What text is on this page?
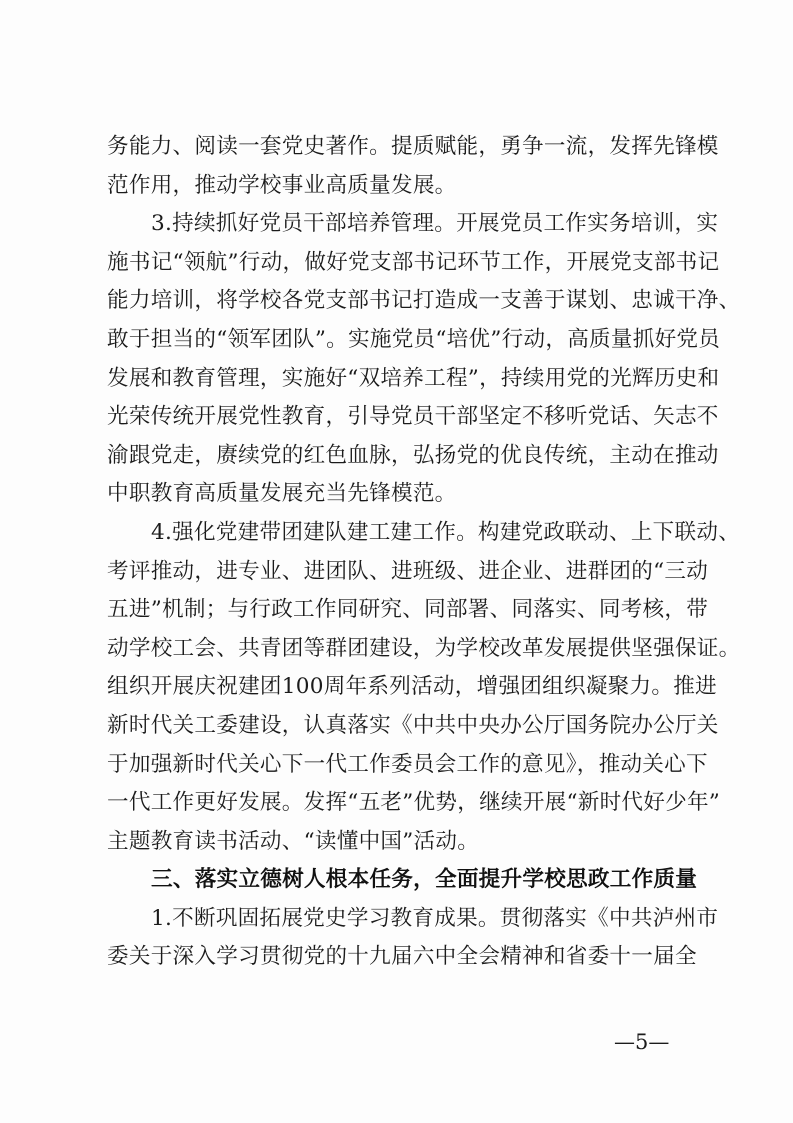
务能力、阅读一套党史著作。提质赋能，勇争一流，发挥先锋模
范作用，推动学校事业高质量发展。
3.持续抓好党员干部培养管理。开展党员工作实务培训，实
施书记“领航”行动，做好党支部书记环节工作，开展党支部书记
能力培训，将学校各党支部书记打造成一支善于谋划、忠诚干净、
敢于担当的“领军团队”。实施党员“培优”行动，高质量抓好党员
发展和教育管理，实施好“双培养工程”，持续用党的光辉历史和
光荣传统开展党性教育，引导党员干部坚定不移听党话、矢志不
渝跟党走，赓续党的红色血脉，弘扬党的优良传统，主动在推动
中职教育高质量发展充当先锋模范。
4.强化党建带团建队建工建工作。构建党政联动、上下联动、
考评推动，进专业、进团队、进班级、进企业、进群团的“三动
五进”机制；与行政工作同研究、同部署、同落实、同考核，带
动学校工会、共青团等群团建设，为学校改革发展提供坚强保证。
组织开展庆祝建团100周年系列活动，增强团组织凝聚力。推进
新时代关工委建设，认真落实《中共中央办公厅国务院办公厅关
于加强新时代关心下一代工作委员会工作的意见》，推动关心下
一代工作更好发展。发挥“五老”优势，继续开展“新时代好少年”
主题教育读书活动、“读懂中国”活动。
三、落实立德树人根本任务，全面提升学校思政工作质量
1.不断巩固拓展党史学习教育成果。贯彻落实《中共泸州市
委关于深入学习贯彻党的十九届六中全会精神和省委十一届全
—5—
